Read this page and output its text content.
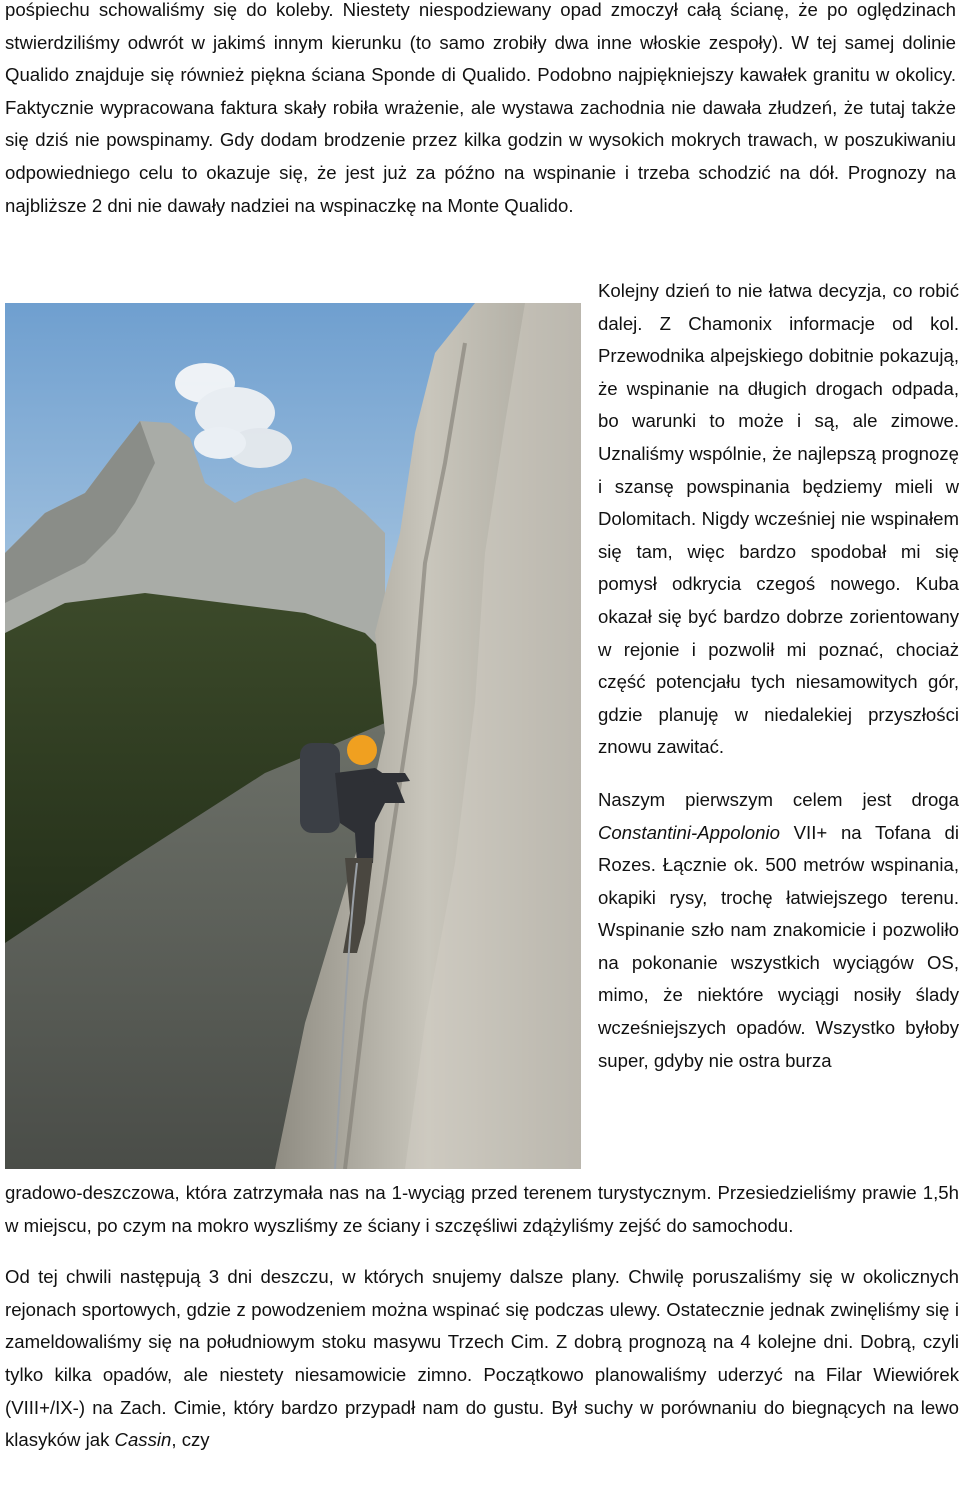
pośpiechu schowaliśmy się do koleby. Niestety niespodziewany opad zmoczył całą ścianę, że po oględzinach stwierdziliśmy odwrót w jakimś innym kierunku (to samo zrobiły dwa inne włoskie zespoły). W tej samej dolinie Qualido znajduje się również piękna ściana Sponde di Qualido. Podobno najpiękniejszy kawałek granitu w okolicy. Faktycznie wypracowana faktura skały robiła wrażenie, ale wystawa zachodnia nie dawała złudzeń, że tutaj także się dziś nie powspinamy. Gdy dodam brodzenie przez kilka godzin w wysokich mokrych trawach, w poszukiwaniu odpowiedniego celu to okazuje się, że jest już za późno na wspinanie i trzeba schodzić na dół. Prognozy na najbliższe 2 dni nie dawały nadziei na wspinaczkę na Monte Qualido.

Kolejny dzień to nie łatwa decyzja, co robić dalej. Z Chamonix informacje od kol. Przewodnika alpejskiego dobitnie pokazują, że wspinanie na długich drogach odpada, bo warunki to może i są, ale zimowe. Uznaliśmy wspólnie, że najlepszą prognozę i szansę powspinania będziemy mieli w Dolomitach. Nigdy wcześniej nie wspinałem się tam, więc bardzo spodobał mi się pomysł odkrycia czegoś nowego. Kuba okazał się być bardzo dobrze zorientowany w rejonie i pozwolił mi poznać, chociaż część potencjału tych niesamowitych gór, gdzie planuję w niedalekiej przyszłości znowu zawitać.

Naszym pierwszym celem jest droga Constantini-Appolonio VII+ na Tofana di Rozes. Łącznie ok. 500 metrów wspinania, okapiki rysy, trochę łatwiejszego terenu. Wspinanie szło nam znakomicie i pozwoliło na pokonanie wszystkich wyciągów OS, mimo, że niektóre wyciągi nosiły ślady wcześniejszych opadów. Wszystko byłoby super, gdyby nie ostra burza

gradowo-deszczowa, która zatrzymała nas na 1-wyciąg przed terenem turystycznym. Przesiedzieliśmy prawie 1,5h w miejscu, po czym na mokro wyszliśmy ze ściany i szczęśliwi zdążyliśmy zejść do samochodu.

Od tej chwili następują 3 dni deszczu, w których snujemy dalsze plany. Chwilę poruszaliśmy się w okolicznych rejonach sportowych, gdzie z powodzeniem można wspinać się podczas ulewy. Ostatecznie jednak zwinęliśmy się i zameldowaliśmy się na południowym stoku masywu Trzech Cim. Z dobrą prognozą na 4 kolejne dni. Dobrą, czyli tylko kilka opadów, ale niestety niesamowicie zimno. Początkowo planowaliśmy uderzyć na Filar Wiewiórek (VIII+/IX-) na Zach. Cimie, który bardzo przypadł nam do gustu. Był suchy w porównaniu do biegnących na lewo klasyków jak Cassin, czy
